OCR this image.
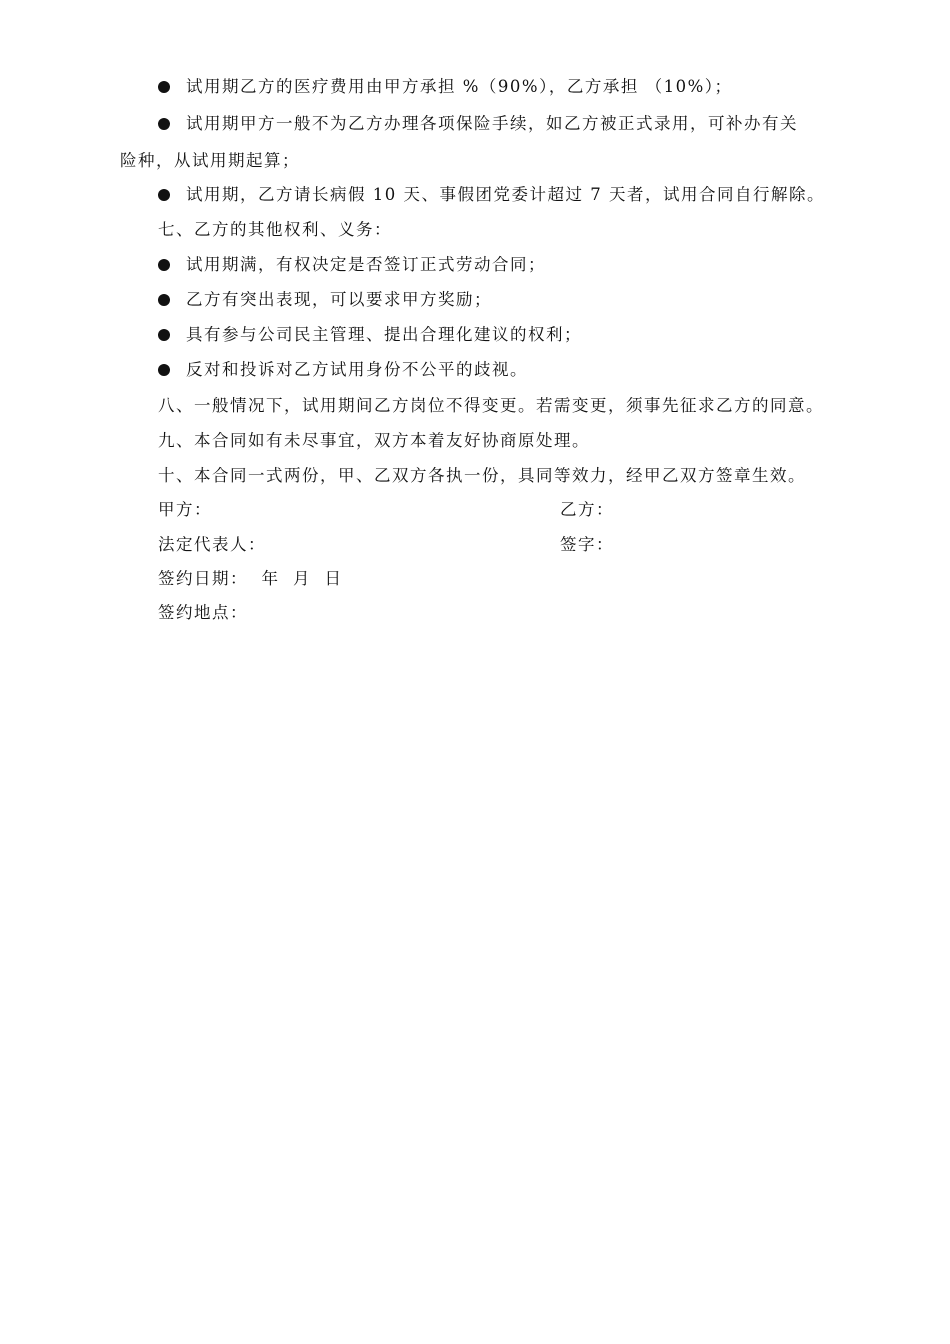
试用期乙方的医疗费用由甲方承担 %（90%），乙方承担 （10%）；
试用期甲方一般不为乙方办理各项保险手续，如乙方被正式录用，可补办有关
险种，从试用期起算；
试用期，乙方请长病假 10 天、事假团党委计超过 7 天者，试用合同自行解除。
七、乙方的其他权利、义务：
试用期满，有权决定是否签订正式劳动合同；
乙方有突出表现，可以要求甲方奖励；
具有参与公司民主管理、提出合理化建议的权利；
反对和投诉对乙方试用身份不公平的歧视。
八、一般情况下，试用期间乙方岗位不得变更。若需变更，须事先征求乙方的同意。
九、本合同如有未尽事宜，双方本着友好协商原处理。
十、本合同一式两份，甲、乙双方各执一份，具同等效力，经甲乙双方签章生效。
甲方：	乙方：
法定代表人：	签字：
签约日期：  年  月  日
签约地点：
